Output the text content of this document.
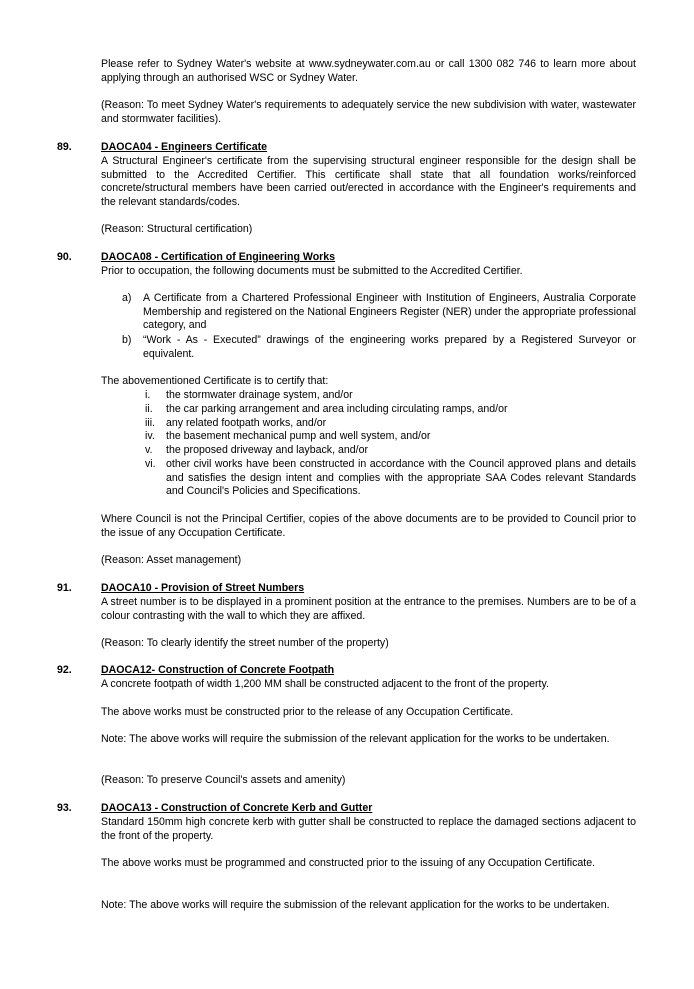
Please refer to Sydney Water's website at www.sydneywater.com.au or call 1300 082 746 to learn more about applying through an authorised WSC or Sydney Water.

(Reason: To meet Sydney Water's requirements to adequately service the new subdivision with water, wastewater and stormwater facilities).

89.	DAOCA04 - Engineers Certificate

A Structural Engineer's certificate from the supervising structural engineer responsible for the design shall be submitted to the Accredited Certifier. This certificate shall state that all foundation works/reinforced concrete/structural members have been carried out/erected in accordance with the Engineer's requirements and the relevant standards/codes.

(Reason: Structural certification)

90.	DAOCA08 - Certification of Engineering Works

Prior to occupation, the following documents must be submitted to the Accredited Certifier.

a) A Certificate from a Chartered Professional Engineer with Institution of Engineers, Australia Corporate Membership and registered on the National Engineers Register (NER) under the appropriate professional category, and

b) “Work - As - Executed” drawings of the engineering works prepared by a Registered Surveyor or equivalent.

The abovementioned Certificate is to certify that:

i. the stormwater drainage system, and/or

ii. the car parking arrangement and area including circulating ramps, and/or

iii. any related footpath works, and/or

iv. the basement mechanical pump and well system, and/or

v. the proposed driveway and layback, and/or

vi. other civil works have been constructed in accordance with the Council approved plans and details and satisfies the design intent and complies with the appropriate SAA Codes relevant Standards and Council's Policies and Specifications.

Where Council is not the Principal Certifier, copies of the above documents are to be provided to Council prior to the issue of any Occupation Certificate.

(Reason: Asset management)

91.	DAOCA10 - Provision of Street Numbers

A street number is to be displayed in a prominent position at the entrance to the premises. Numbers are to be of a colour contrasting with the wall to which they are affixed.

(Reason: To clearly identify the street number of the property)

92.	DAOCA12- Construction of Concrete Footpath

A concrete footpath of width 1,200 MM shall be constructed adjacent to the front of the property.

The above works must be constructed prior to the release of any Occupation Certificate.

Note: The above works will require the submission of the relevant application for the works to be undertaken.

(Reason: To preserve Council's assets and amenity)

93.	DAOCA13 - Construction of Concrete Kerb and Gutter

Standard 150mm high concrete kerb with gutter shall be constructed to replace the damaged sections adjacent to the front of the property.

The above works must be programmed and constructed prior to the issuing of any Occupation Certificate.

Note: The above works will require the submission of the relevant application for the works to be undertaken.
